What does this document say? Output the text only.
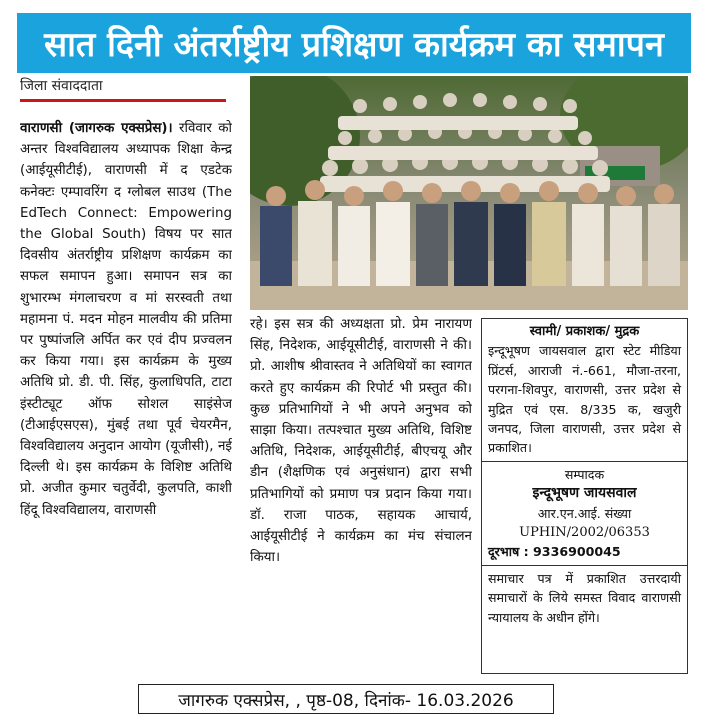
सात दिनी अंतर्राष्ट्रीय प्रशिक्षण कार्यक्रम का समापन
जिला संवाददाता
वाराणसी (जागरुक एक्सप्रेस)। रविवार को अन्तर विश्वविद्यालय अध्यापक शिक्षा केन्द्र (आईयूसीटीई), वाराणसी में द एडटेक कनेक्टः एम्पावरिंग द ग्लोबल साउथ (The EdTech Connect: Empowering the Global South) विषय पर सात दिवसीय अंतर्राष्ट्रीय प्रशिक्षण कार्यक्रम का सफल समापन हुआ। समापन सत्र का शुभारम्भ मंगलाचरण व मां सरस्वती तथा महामना पं. मदन मोहन मालवीय की प्रतिमा पर पुष्पांजलि अर्पित कर एवं दीप प्रज्वलन कर किया गया। इस कार्यक्रम के मुख्य अतिथि प्रो. डी. पी. सिंह, कुलाधिपति, टाटा इंस्टीट्यूट ऑफ सोशल साइंसेज (टीआईएसएस), मुंबई तथा पूर्व चेयरमैन, विश्वविद्यालय अनुदान आयोग (यूजीसी), नई दिल्ली थे। इस कार्यक्रम के विशिष्ट अतिथि प्रो. अजीत कुमार चतुर्वेदी, कुलपति, काशी हिंदू विश्वविद्यालय, वाराणसी
रहे। इस सत्र की अध्यक्षता प्रो. प्रेम नारायण सिंह, निदेशक, आईयूसीटीई, वाराणसी ने की। प्रो. आशीष श्रीवास्तव ने अतिथियों का स्वागत करते हुए कार्यक्रम की रिपोर्ट भी प्रस्तुत की। कुछ प्रतिभागियों ने भी अपने अनुभव को साझा किया। तत्पश्चात मुख्य अतिथि, विशिष्ट अतिथि, निदेशक, आईयूसीटीई, बीएचयू और डीन (शैक्षणिक एवं अनुसंधान) द्वारा सभी प्रतिभागियों को प्रमाण पत्र प्रदान किया गया। डॉ. राजा पाठक, सहायक आचार्य, आईयूसीटीई ने कार्यक्रम का मंच संचालन किया।
स्वामी/ प्रकाशक/ मुद्रक
इन्दूभूषण जायसवाल द्वारा स्टेट मीडिया प्रिंटर्स, आराजी नं.-661, मौजा-तरना, परगना-शिवपुर, वाराणसी, उत्तर प्रदेश से मुद्रित एवं एस. 8/335 क, खजुरी जनपद, जिला वाराणसी, उत्तर प्रदेश से प्रकाशित।
सम्पादक
इन्दूभूषण जायसवाल
आर.एन.आई. संख्या
UPHIN/2002/06353
दूरभाष : 9336900045
समाचार पत्र में प्रकाशित उत्तरदायी समाचारों के लिये समस्त विवाद वाराणसी न्यायालय के अधीन होंगे।
जागरुक एक्सप्रेस, , पृष्ठ-08, दिनांक- 16.03.2026
